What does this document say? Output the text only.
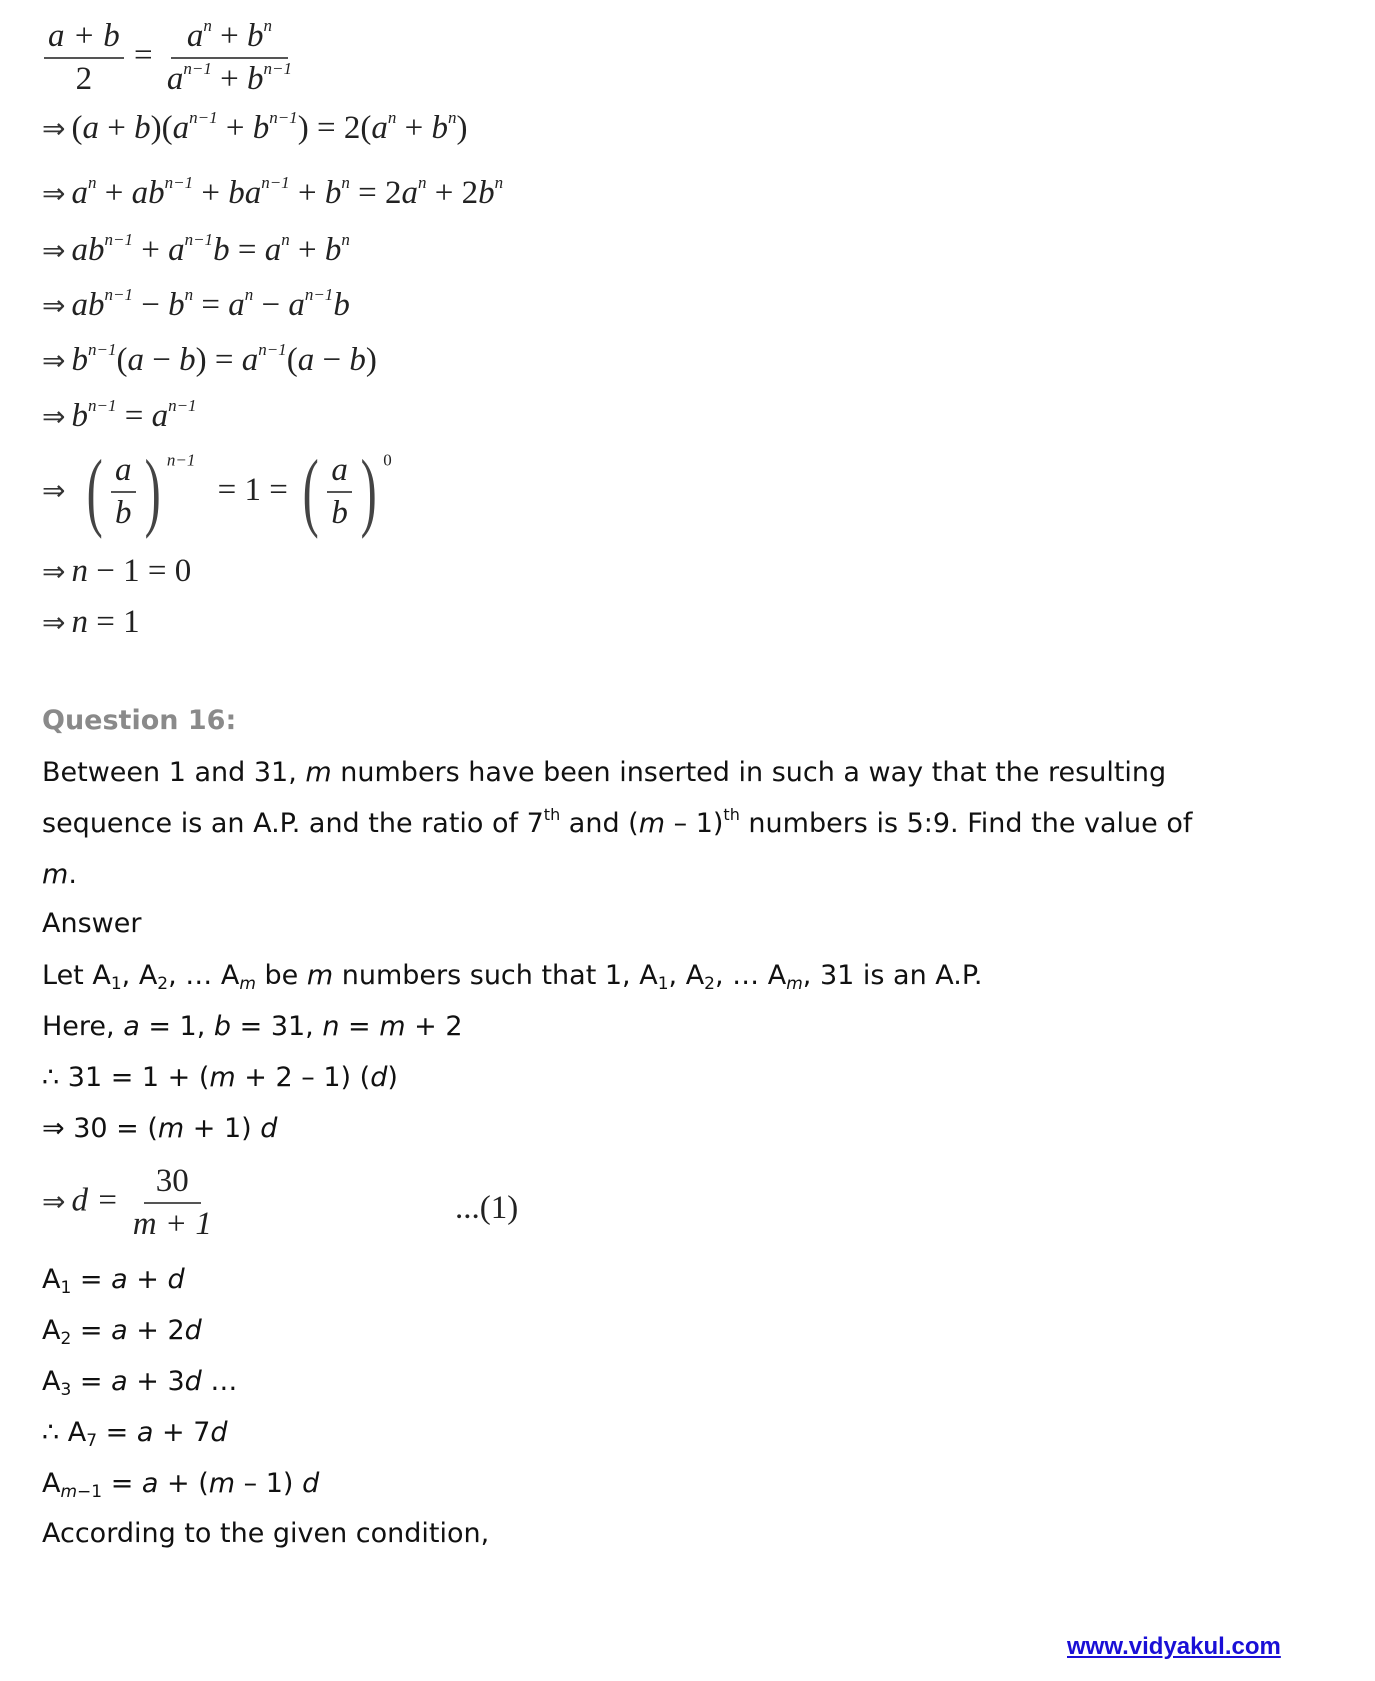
$\frac{a + b}{2} = \frac{a^n + b^n}{a^{n-1} + b^{n-1}}$
⇒ $(a + b)(a^{n-1} + b^{n-1}) = 2(a^n + b^n)$
⇒ $a^n + ab^{n-1} + ba^{n-1} + b^n = 2a^n + 2b^n$
⇒ $ab^{n-1} + a^{n-1}b = a^n + b^n$
⇒ $ab^{n-1} - b^n = a^n - a^{n-1}b$
⇒ $b^{n-1}(a - b) = a^{n-1}(a - b)$
⇒ $b^{n-1} = a^{n-1}$
⇒ ( $\frac{a}{b}$ ) $^{n-1}$ = 1 = ( $\frac{a}{b}$ ) $^0$
⇒ n − 1 = 0
⇒ n = 1
Question 16:
Between 1 and 31, m numbers have been inserted in such a way that the resulting
sequence is an A.P. and the ratio of 7th and (m – 1)$^{th}$ numbers is 5:9. Find the value of
m.
Answer
Let $A_1$, $A_2$, … $A_m$ be m numbers such that 1, $A_1$, $A_2$, … $A_m$, 31 is an A.P.
Here, a = 1, b = 31, n = m + 2
∴ 31 = 1 + (m + 2 – 1) (d)
⇒ 30 = (m + 1) d
⇒ $d = \frac{30}{m + 1}$	...(1)
$A_1 = a + d$
$A_2 = a + 2d$
$A_3 = a + 3d$ …
∴ $A_7 = a + 7d$
$A_{m-1} = a + (m - 1)$ d
According to the given condition,
www.vidyakul.com
